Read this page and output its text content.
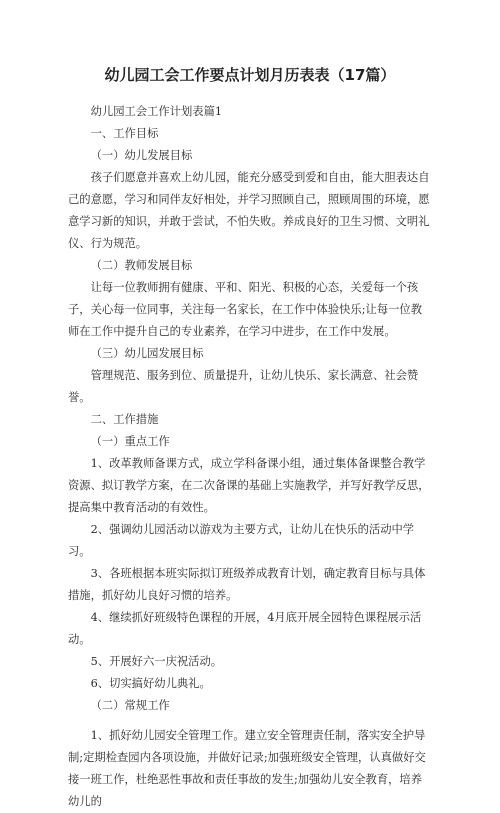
幼儿园工会工作要点计划月历表表（17篇）

幼儿园工会工作计划表篇1

一、工作目标

（一）幼儿发展目标

孩子们愿意并喜欢上幼儿园，能充分感受到爱和自由，能大胆表达自己的意愿，学习和同伴友好相处，并学习照顾自己，照顾周围的环境，愿意学习新的知识，并敢于尝试，不怕失败。养成良好的卫生习惯、文明礼仪、行为规范。

（二）教师发展目标

让每一位教师拥有健康、平和、阳光、积极的心态，关爱每一个孩子，关心每一位同事，关注每一名家长，在工作中体验快乐;让每一位教师在工作中提升自己的专业素养，在学习中进步，在工作中发展。

（三）幼儿园发展目标

管理规范、服务到位、质量提升，让幼儿快乐、家长满意、社会赞誉。

二、工作措施

（一）重点工作

1、改革教师备课方式，成立学科备课小组，通过集体备课整合教学资源、拟订教学方案，在二次备课的基础上实施教学，并写好教学反思，提高集中教育活动的有效性。

2、强调幼儿园活动以游戏为主要方式，让幼儿在快乐的活动中学习。

3、各班根据本班实际拟订班级养成教育计划，确定教育目标与具体措施，抓好幼儿良好习惯的培养。

4、继续抓好班级特色课程的开展，4月底开展全园特色课程展示活动。

5、开展好六一庆祝活动。

6、切实搞好幼儿典礼。

（二）常规工作

1、抓好幼儿园安全管理工作。建立安全管理责任制，落实安全护导制;定期检查园内各项设施，并做好记录;加强班级安全管理，认真做好交接一班工作，杜绝恶性事故和责任事故的发生;加强幼儿安全教育，培养幼儿的
